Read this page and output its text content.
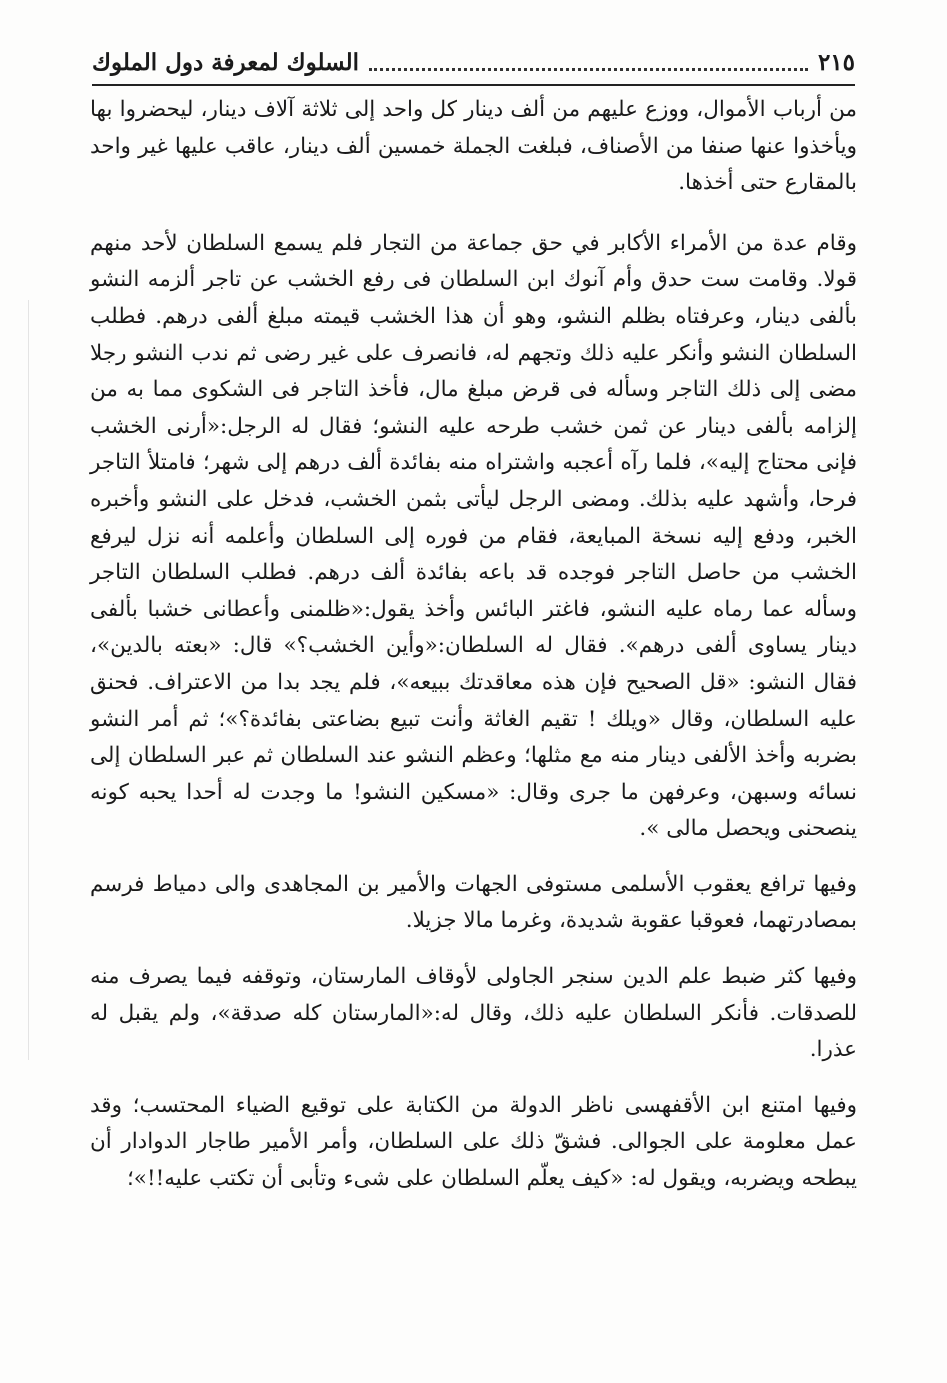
السلوك لمعرفة دول الملوك	٢١٥

من أرباب الأموال، ووزع عليهم من ألف دينار كل واحد إلى ثلاثة آلاف دينار، ليحضروا بها ويأخذوا عنها صنفا من الأصناف، فبلغت الجملة خمسين ألف دينار، عاقب عليها غير واحد بالمقارع حتى أخذها.

وقام عدة من الأمراء الأكابر في حق جماعة من التجار فلم يسمع السلطان لأحد منهم قولا. وقامت ست حدق وأم آنوك ابن السلطان فى رفع الخشب عن تاجر ألزمه النشو بألفى دينار، وعرفتاه بظلم النشو، وهو أن هذا الخشب قيمته مبلغ ألفى درهم. فطلب السلطان النشو وأنكر عليه ذلك وتجهم له، فانصرف على غير رضى ثم ندب النشو رجلا مضى إلى ذلك التاجر وسأله فى قرض مبلغ مال، فأخذ التاجر فى الشكوى مما به من إلزامه بألفى دينار عن ثمن خشب طرحه عليه النشو؛ فقال له الرجل:«أرنى الخشب فإنى محتاج إليه»، فلما رآه أعجبه واشتراه منه بفائدة ألف درهم إلى شهر؛ فامتلأ التاجر فرحا، وأشهد عليه بذلك. ومضى الرجل ليأتى بثمن الخشب، فدخل على النشو وأخبره الخبر، ودفع إليه نسخة المبايعة، فقام من فوره إلى السلطان وأعلمه أنه نزل ليرفع الخشب من حاصل التاجر فوجده قد باعه بفائدة ألف درهم. فطلب السلطان التاجر وسأله عما رماه عليه النشو، فاغتر البائس وأخذ يقول:«ظلمنى وأعطانى خشبا بألفى دينار يساوى ألفى درهم». فقال له السلطان:«وأين الخشب؟» قال: «بعته بالدين»، فقال النشو: «قل الصحيح فإن هذه معاقدتك ببيعه»، فلم يجد بدا من الاعتراف. فحنق عليه السلطان، وقال «ويلك ! تقيم الغاثة وأنت تبيع بضاعتى بفائدة؟»؛ ثم أمر النشو بضربه وأخذ الألفى دينار منه مع مثلها؛ وعظم النشو عند السلطان ثم عبر السلطان إلى نسائه وسبهن، وعرفهن ما جرى وقال: «مسكين النشو! ما وجدت له أحدا يحبه كونه ينصحنى ويحصل مالى ».

وفيها ترافع يعقوب الأسلمى مستوفى الجهات والأمير بن المجاهدى والى دمياط فرسم بمصادرتهما، فعوقبا عقوبة شديدة، وغرما مالا جزيلا.

وفيها كثر ضبط علم الدين سنجر الجاولى لأوقاف المارستان، وتوقفه فيما يصرف منه للصدقات. فأنكر السلطان عليه ذلك، وقال له:«المارستان كله صدقة»، ولم يقبل له عذرا.

وفيها امتنع ابن الأقفهسى ناظر الدولة من الكتابة على توقيع الضياء المحتسب؛ وقد عمل معلومة على الجوالى. فشقّ ذلك على السلطان، وأمر الأمير طاجار الدوادار أن يبطحه ويضربه، ويقول له: «كيف يعلّم السلطان على شىء وتأبى أن تكتب عليه!!»؛
